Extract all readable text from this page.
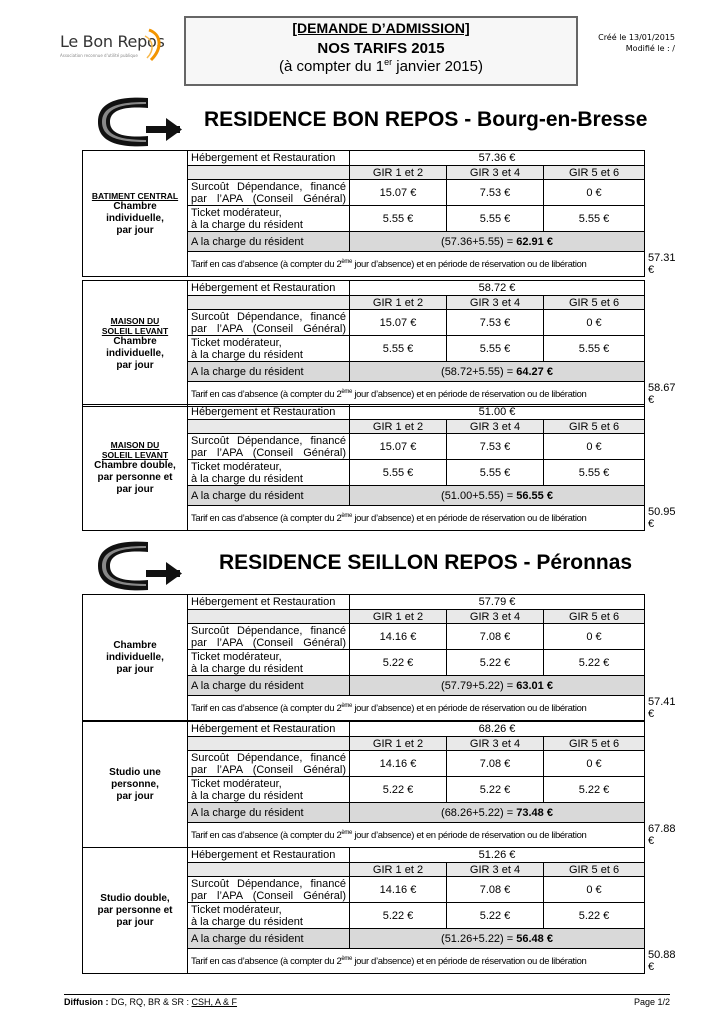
Le Bon Repos
Association reconnue d'utilité publique
[DEMANDE D’ADMISSION]
NOS TARIFS 2015
(à compter du 1er janvier 2015)
Créé le 13/01/2015
Modifié le : /
RESIDENCE BON REPOS - Bourg-en-Bresse
RESIDENCE SEILLON REPOS - Péronnas
BATIMENT CENTRAL
Chambre
individuelle,
par jour	Hébergement et Restauration	57.36 €			
		GIR 1 et 2	GIR 3 et 4	GIR 5 et 6	
	Surcoût Dépendance, financé par l’APA (Conseil Général)	15.07 €	7.53 €	0 €	
	Ticket modérateur,
à la charge du résident	5.55 €	5.55 €	5.55 €	
	A la charge du résident	(57.36+5.55) = 62.91 €			
	Tarif en cas d’absence (à compter du 2ème jour d’absence) et en période de réservation ou de libération				57.31 €
MAISON DU
SOLEIL LEVANT
Chambre
individuelle,
par jour	Hébergement et Restauration	58.72 €			
		GIR 1 et 2	GIR 3 et 4	GIR 5 et 6	
	Surcoût Dépendance, financé par l’APA (Conseil Général)	15.07 €	7.53 €	0 €	
	Ticket modérateur,
à la charge du résident	5.55 €	5.55 €	5.55 €	
	A la charge du résident	(58.72+5.55) = 64.27 €			
	Tarif en cas d’absence (à compter du 2ème jour d’absence) et en période de réservation ou de libération				58.67 €
MAISON DU
SOLEIL LEVANT
Chambre double,
par personne et
par jour	Hébergement et Restauration	51.00 €			
		GIR 1 et 2	GIR 3 et 4	GIR 5 et 6	
	Surcoût Dépendance, financé par l’APA (Conseil Général)	15.07 €	7.53 €	0 €	
	Ticket modérateur,
à la charge du résident	5.55 €	5.55 €	5.55 €	
	A la charge du résident	(51.00+5.55) = 56.55 €			
	Tarif en cas d’absence (à compter du 2ème jour d’absence) et en période de réservation ou de libération				50.95 €
Chambre
individuelle,
par jour	Hébergement et Restauration	57.79 €			
		GIR 1 et 2	GIR 3 et 4	GIR 5 et 6	
	Surcoût Dépendance, financé par l’APA (Conseil Général)	14.16 €	7.08 €	0 €	
	Ticket modérateur,
à la charge du résident	5.22 €	5.22 €	5.22 €	
	A la charge du résident	(57.79+5.22) = 63.01 €			
	Tarif en cas d’absence (à compter du 2ème jour d’absence) et en période de réservation ou de libération				57.41 €
Studio une
personne,
par jour	Hébergement et Restauration	68.26 €			
		GIR 1 et 2	GIR 3 et 4	GIR 5 et 6	
	Surcoût Dépendance, financé par l’APA (Conseil Général)	14.16 €	7.08 €	0 €	
	Ticket modérateur,
à la charge du résident	5.22 €	5.22 €	5.22 €	
	A la charge du résident	(68.26+5.22) = 73.48 €			
	Tarif en cas d’absence (à compter du 2ème jour d’absence) et en période de réservation ou de libération				67.88 €
Studio double,
par personne et
par jour	Hébergement et Restauration	51.26 €			
		GIR 1 et 2	GIR 3 et 4	GIR 5 et 6	
	Surcoût Dépendance, financé par l’APA (Conseil Général)	14.16 €	7.08 €	0 €	
	Ticket modérateur,
à la charge du résident	5.22 €	5.22 €	5.22 €	
	A la charge du résident	(51.26+5.22) = 56.48 €			
	Tarif en cas d’absence (à compter du 2ème jour d’absence) et en période de réservation ou de libération				50.88 €
Diffusion : DG, RQ, BR & SR : CSH, A & F	Page 1/2
